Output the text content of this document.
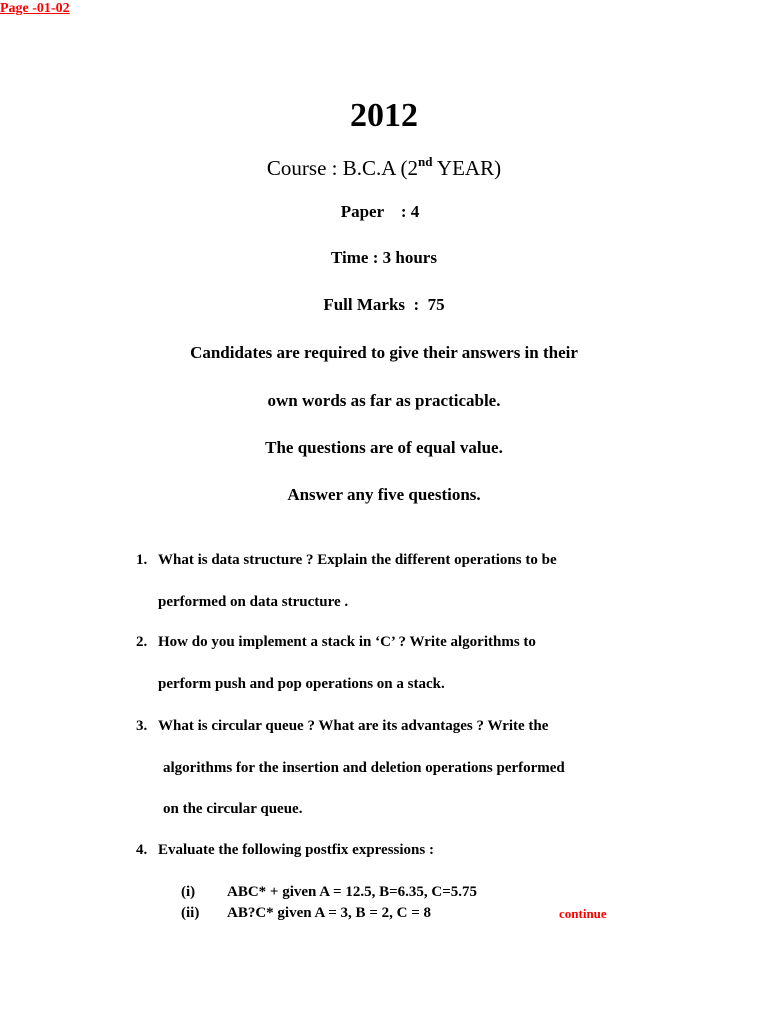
2012
Page -01-02
Course : B.C.A (2nd YEAR)
Paper    : 4
Time : 3 hours
Full Marks  :  75
Candidates are required to give their answers in their
own words as far as practicable.
The questions are of equal value.
Answer any five questions.
1. What is data structure ? Explain the different operations to be
performed on data structure .
2. How do you implement a stack in ‘C’ ? Write algorithms to
perform push and pop operations on a stack.
3. What is circular queue ? What are its advantages ? Write the
algorithms for the insertion and deletion operations performed
on the circular queue.
4. Evaluate the following postfix expressions :
(i) ABC* + given A = 12.5, B=6.35, C=5.75
(ii) AB?C* given A = 3, B = 2, C = 8	continue
